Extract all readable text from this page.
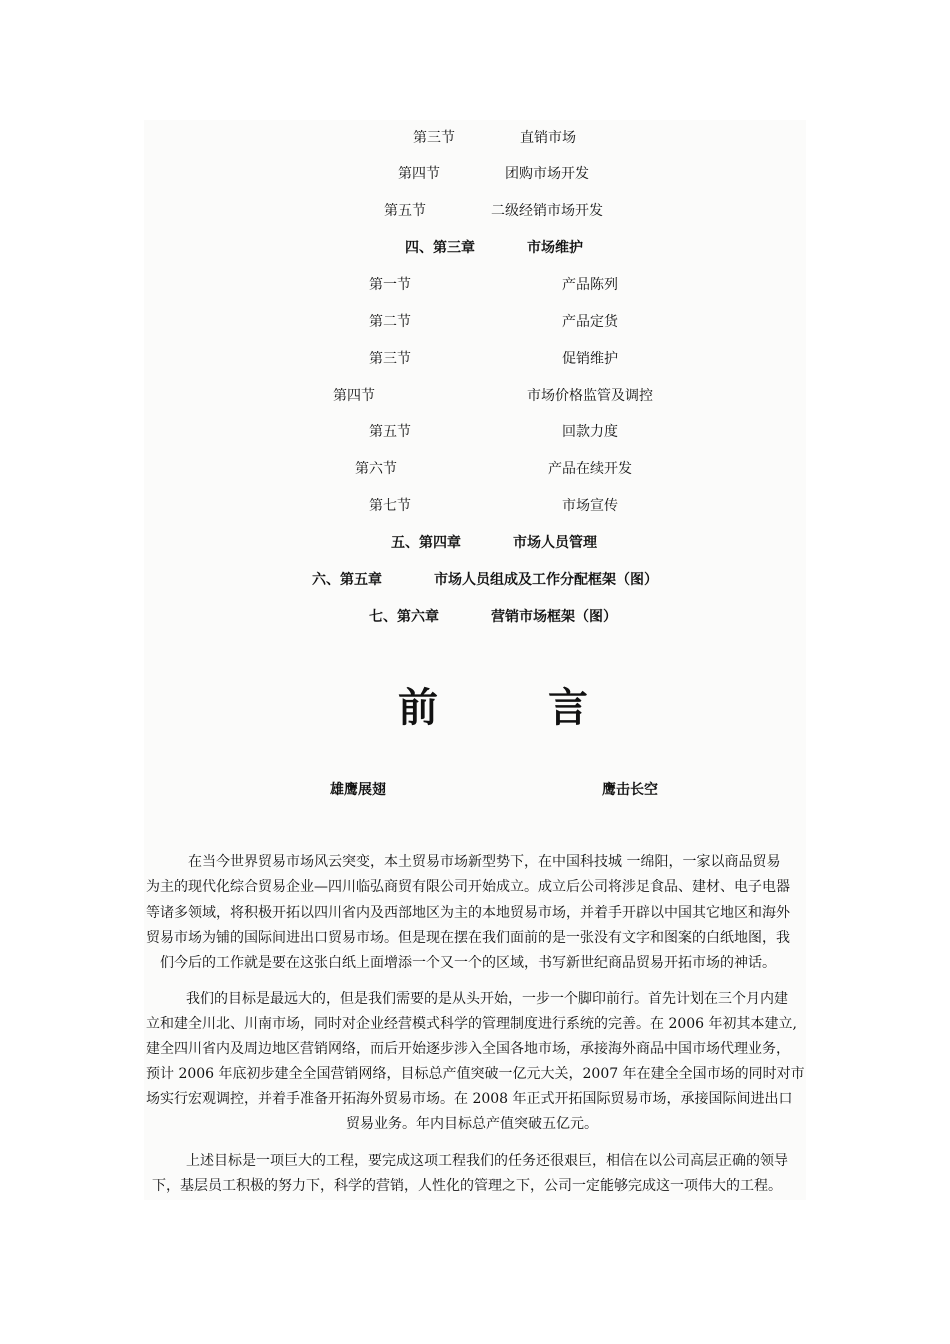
第三节	直销市场
第四节	团购市场开发
第五节	二级经销市场开发
四、第三章	市场维护
第一节	产品陈列
第二节	产品定货
第三节	促销维护
第四节	市场价格监管及调控
第五节	回款力度
第六节	产品在续开发
第七节	市场宣传
五、第四章	市场人员管理
六、第五章	市场人员组成及工作分配框架（图）
七、第六章	营销市场框架（图）
前	言
雄鹰展翅	鹰击长空
在当今世界贸易市场风云突变，本土贸易市场新型势下，在中国科技城 一绵阳，一家以商品贸易
为主的现代化综合贸易企业—四川临弘商贸有限公司开始成立。成立后公司将涉足食品、建材、电子电器
等诸多领域，将积极开拓以四川省内及西部地区为主的本地贸易市场，并着手开辟以中国其它地区和海外
贸易市场为铺的国际间进出口贸易市场。但是现在摆在我们面前的是一张没有文字和图案的白纸地图，我
们今后的工作就是要在这张白纸上面增添一个又一个的区域，书写新世纪商品贸易开拓市场的神话。
我们的目标是最远大的，但是我们需要的是从头开始，一步一个脚印前行。首先计划在三个月内建
立和建全川北、川南市场，同时对企业经营模式科学的管理制度进行系统的完善。在 2006 年初其本建立,
建全四川省内及周边地区营销网络，而后开始逐步涉入全国各地市场，承接海外商品中国市场代理业务，
预计 2006 年底初步建全全国营销网络，目标总产值突破一亿元大关，2007 年在建全全国市场的同时对市
场实行宏观调控，并着手准备开拓海外贸易市场。在 2008 年正式开拓国际贸易市场，承接国际间进出口
贸易业务。年内目标总产值突破五亿元。
上述目标是一项巨大的工程，要完成这项工程我们的任务还很艰巨，相信在以公司高层正确的领导
下，基层员工积极的努力下，科学的营销，人性化的管理之下，公司一定能够完成这一项伟大的工程。
